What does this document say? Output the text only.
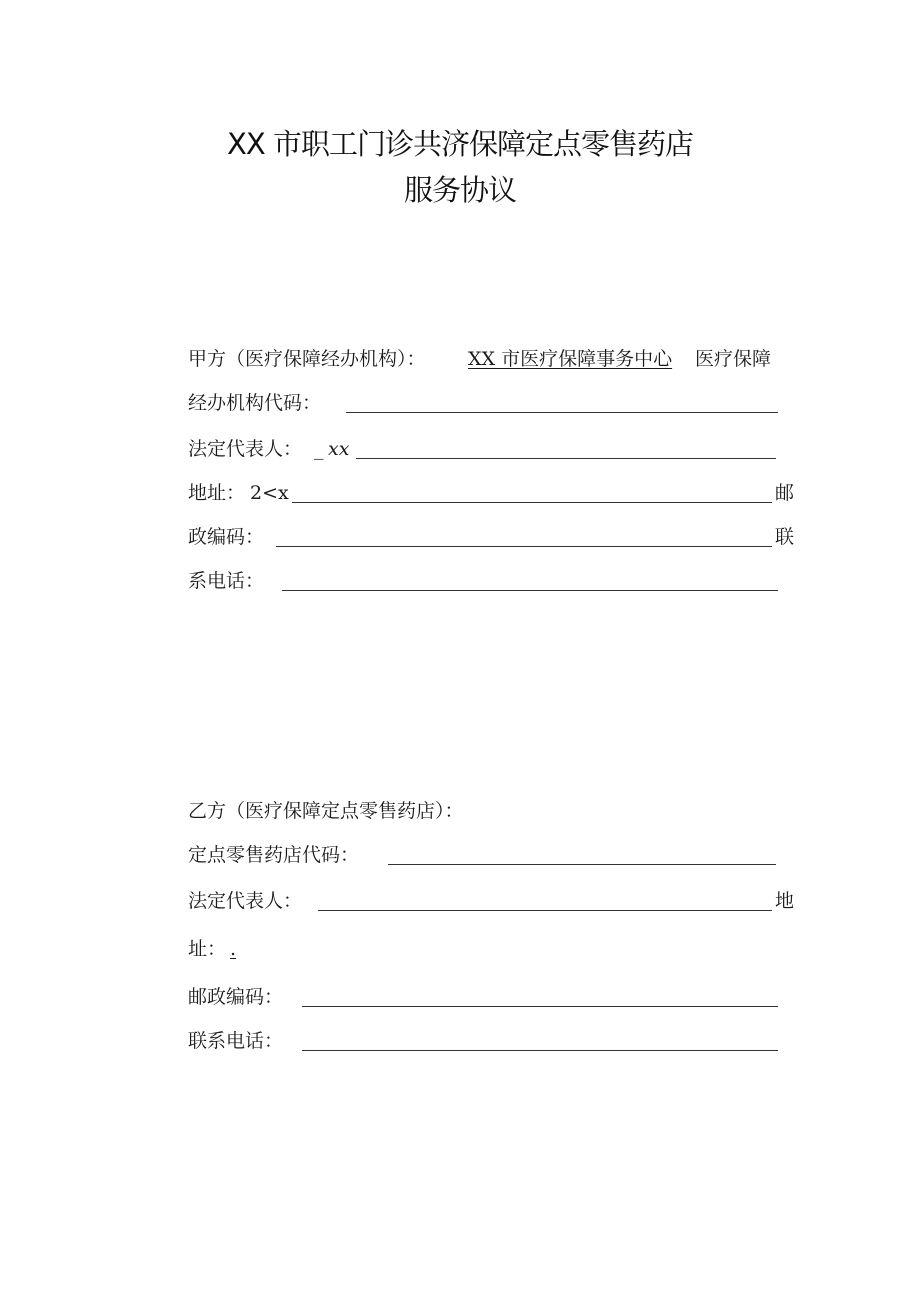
XX 市职工门诊共济保障定点零售药店
服务协议
甲方（医疗保障经办机构）： XX 市医疗保障事务中心 医疗保障
经办机构代码：
法定代表人： _ xx
地址： 2<x	邮
政编码：	联
系电话：
乙方（医疗保障定点零售药店）：
定点零售药店代码：
法定代表人：	地
址： .
邮政编码：
联系电话：
